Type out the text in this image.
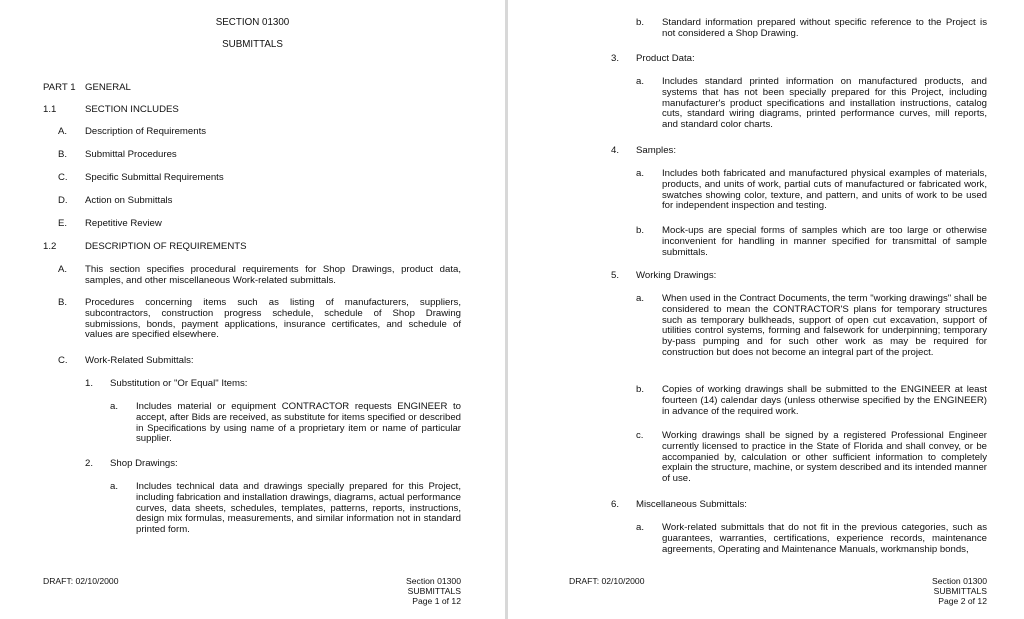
SECTION 01300
SUBMITTALS
PART 1 GENERAL
1.1	SECTION INCLUDES
A. Description of Requirements
B. Submittal Procedures
C. Specific Submittal Requirements
D. Action on Submittals
E. Repetitive Review
1.2	DESCRIPTION OF REQUIREMENTS
A. This section specifies procedural requirements for Shop Drawings, product data, samples, and other miscellaneous Work-related submittals.
B. Procedures concerning items such as listing of manufacturers, suppliers, subcontractors, construction progress schedule, schedule of Shop Drawing submissions, bonds, payment applications, insurance certificates, and schedule of values are specified elsewhere.
C. Work-Related Submittals:
1. Substitution or "Or Equal" Items:
a. Includes material or equipment CONTRACTOR requests ENGINEER to accept, after Bids are received, as substitute for items specified or described in Specifications by using name of a proprietary item or name of particular supplier.
2. Shop Drawings:
a. Includes technical data and drawings specially prepared for this Project, including fabrication and installation drawings, diagrams, actual performance curves, data sheets, schedules, templates, patterns, reports, instructions, design mix formulas, measurements, and similar information not in standard printed form.
DRAFT: 02/10/2000	Section 01300
SUBMITTALS
Page 1 of 12
b. Standard information prepared without specific reference to the Project is not considered a Shop Drawing.
3. Product Data:
a. Includes standard printed information on manufactured products, and systems that has not been specially prepared for this Project, including manufacturer's product specifications and installation instructions, catalog cuts, standard wiring diagrams, printed performance curves, mill reports, and standard color charts.
4. Samples:
a. Includes both fabricated and manufactured physical examples of materials, products, and units of work, partial cuts of manufactured or fabricated work, swatches showing color, texture, and pattern, and units of work to be used for independent inspection and testing.
b. Mock-ups are special forms of samples which are too large or otherwise inconvenient for handling in manner specified for transmittal of sample submittals.
5. Working Drawings:
a. When used in the Contract Documents, the term "working drawings" shall be considered to mean the CONTRACTOR'S plans for temporary structures such as temporary bulkheads, support of open cut excavation, support of utilities control systems, forming and falsework for underpinning; temporary by-pass pumping and for such other work as may be required for construction but does not become an integral part of the project.
b. Copies of working drawings shall be submitted to the ENGINEER at least fourteen (14) calendar days (unless otherwise specified by the ENGINEER) in advance of the required work.
c. Working drawings shall be signed by a registered Professional Engineer currently licensed to practice in the State of Florida and shall convey, or be accompanied by, calculation or other sufficient information to completely explain the structure, machine, or system described and its intended manner of use.
6. Miscellaneous Submittals:
a. Work-related submittals that do not fit in the previous categories, such as guarantees, warranties, certifications, experience records, maintenance agreements, Operating and Maintenance Manuals, workmanship bonds,
DRAFT: 02/10/2000	Section 01300
SUBMITTALS
Page 2 of 12
